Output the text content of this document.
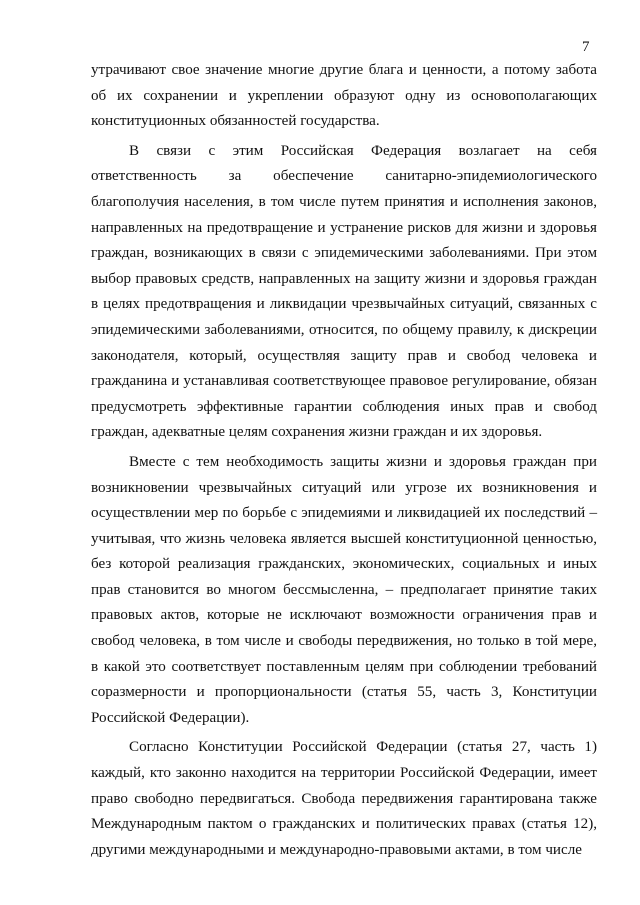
7

утрачивают свое значение многие другие блага и ценности, а потому забота об их сохранении и укреплении образуют одну из основополагающих конституционных обязанностей государства.

В связи с этим Российская Федерация возлагает на себя ответственность за обеспечение санитарно-эпидемиологического благополучия населения, в том числе путем принятия и исполнения законов, направленных на предотвращение и устранение рисков для жизни и здоровья граждан, возникающих в связи с эпидемическими заболеваниями. При этом выбор правовых средств, направленных на защиту жизни и здоровья граждан в целях предотвращения и ликвидации чрезвычайных ситуаций, связанных с эпидемическими заболеваниями, относится, по общему правилу, к дискреции законодателя, который, осуществляя защиту прав и свобод человека и гражданина и устанавливая соответствующее правовое регулирование, обязан предусмотреть эффективные гарантии соблюдения иных прав и свобод граждан, адекватные целям сохранения жизни граждан и их здоровья.

Вместе с тем необходимость защиты жизни и здоровья граждан при возникновении чрезвычайных ситуаций или угрозе их возникновения и осуществлении мер по борьбе с эпидемиями и ликвидацией их последствий – учитывая, что жизнь человека является высшей конституционной ценностью, без которой реализация гражданских, экономических, социальных и иных прав становится во многом бессмысленна, – предполагает принятие таких правовых актов, которые не исключают возможности ограничения прав и свобод человека, в том числе и свободы передвижения, но только в той мере, в какой это соответствует поставленным целям при соблюдении требований соразмерности и пропорциональности (статья 55, часть 3, Конституции Российской Федерации).

Согласно Конституции Российской Федерации (статья 27, часть 1) каждый, кто законно находится на территории Российской Федерации, имеет право свободно передвигаться. Свобода передвижения гарантирована также Международным пактом о гражданских и политических правах (статья 12), другими международными и международно-правовыми актами, в том числе
